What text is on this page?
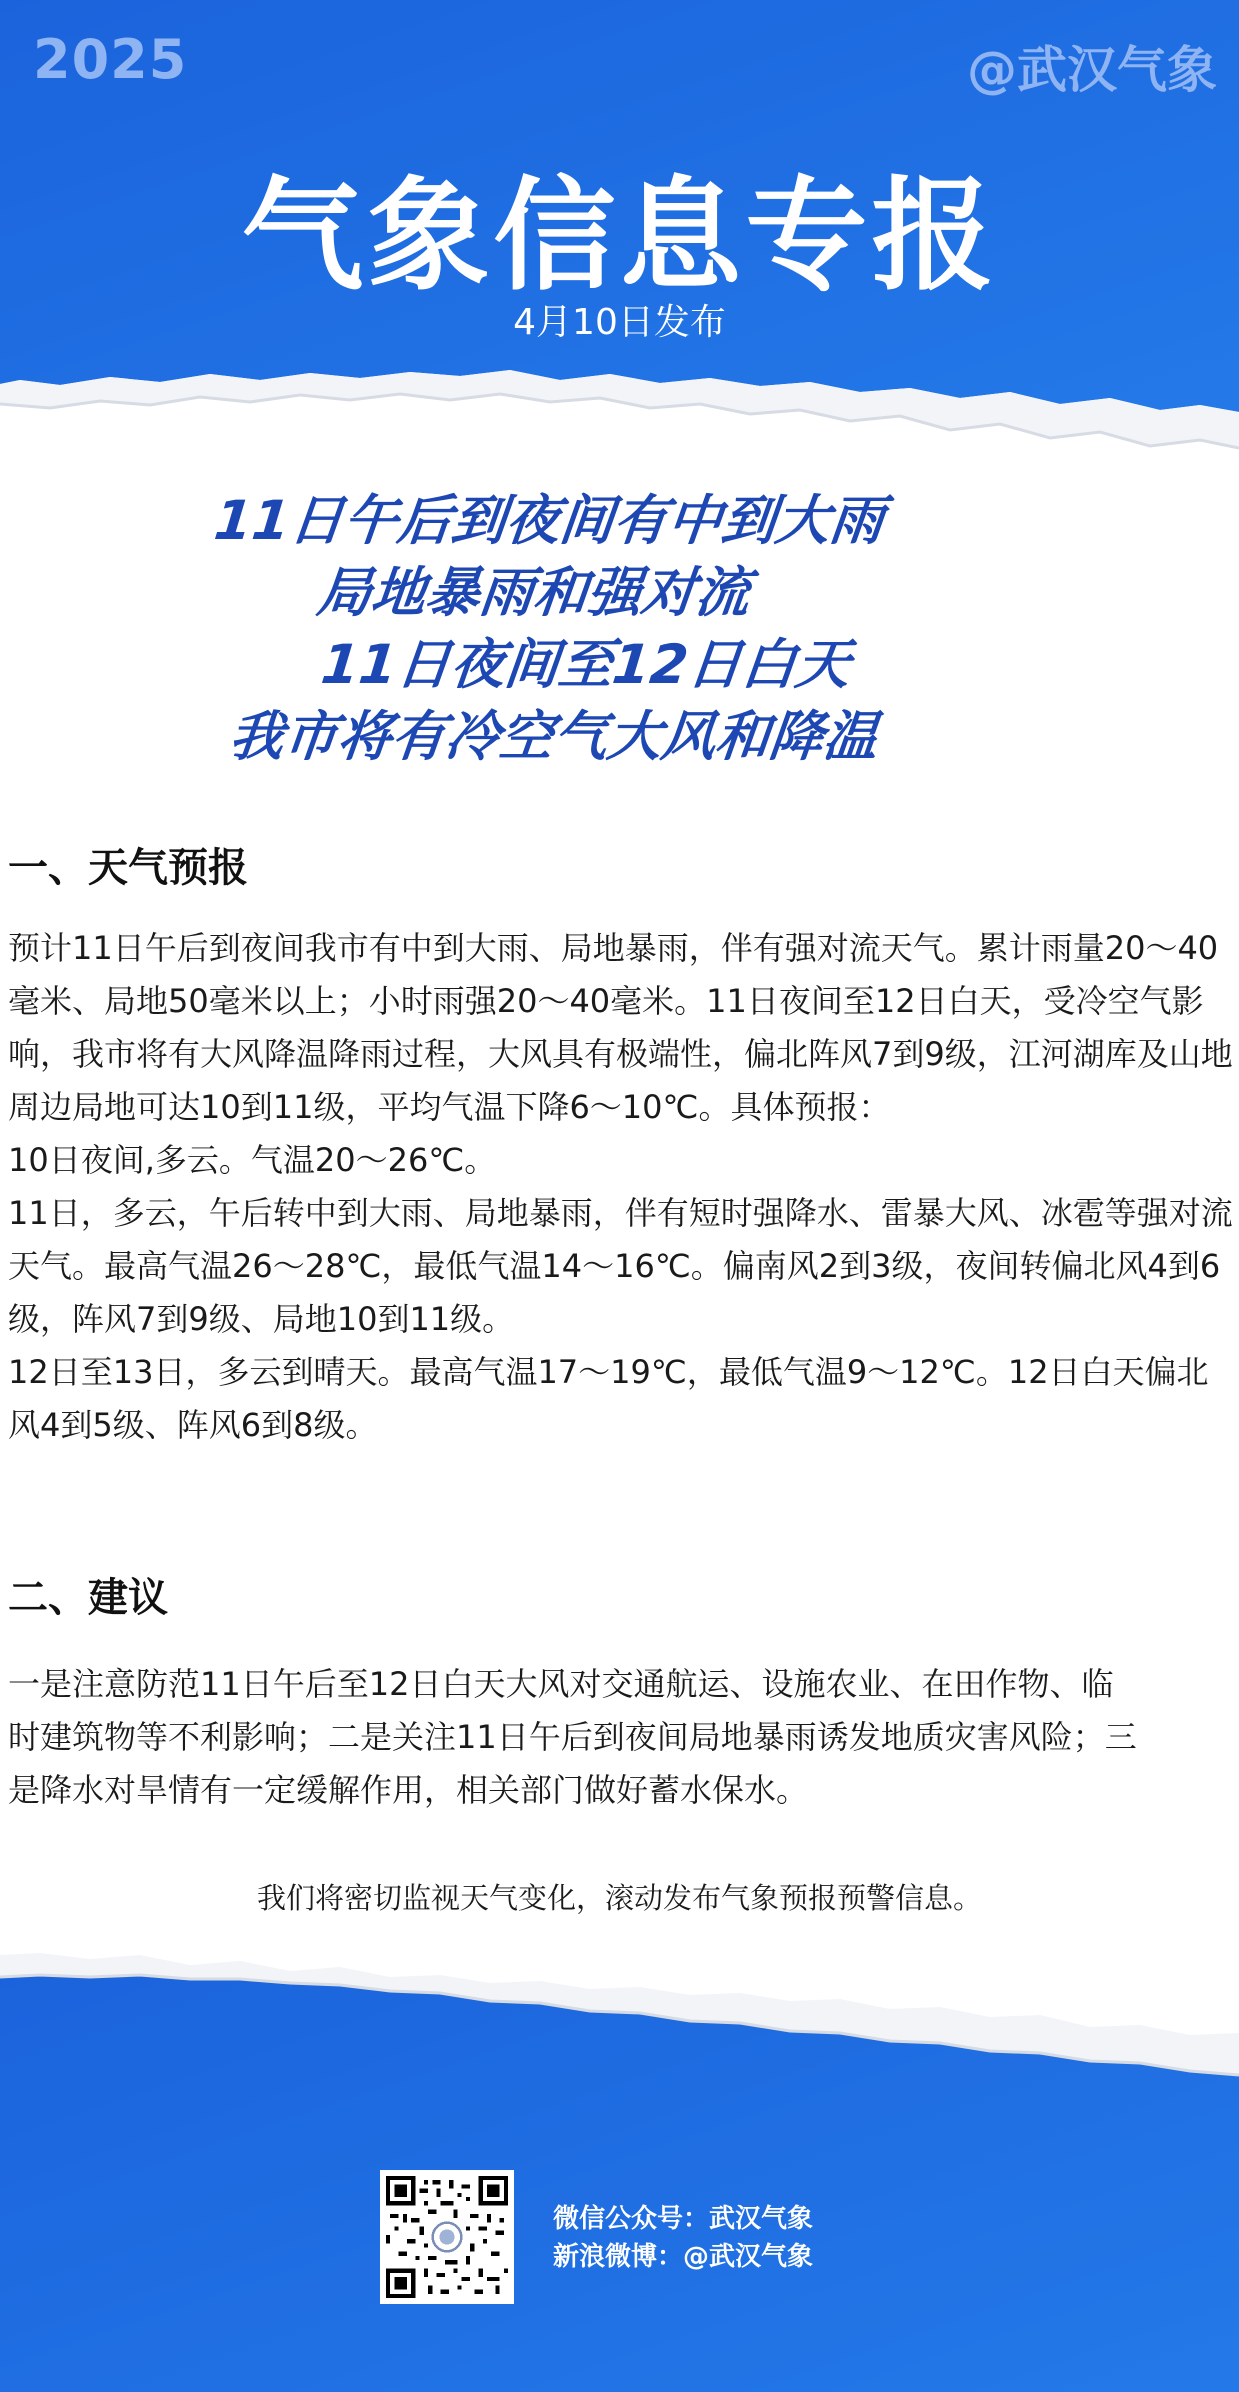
2025	@武汉气象
气象信息专报
4月10日发布
11日午后到夜间有中到大雨
局地暴雨和强对流
11日夜间至12日白天
我市将有冷空气大风和降温
一、天气预报

预计11日午后到夜间我市有中到大雨、局地暴雨，伴有强对流天气。累计雨量20～40毫米、局地50毫米以上；小时雨强20～40毫米。11日夜间至12日白天，受冷空气影响，我市将有大风降温降雨过程，大风具有极端性，偏北阵风7到9级，江河湖库及山地周边局地可达10到11级，平均气温下降6～10℃。具体预报：

10日夜间,多云。气温20～26℃。

11日，多云，午后转中到大雨、局地暴雨，伴有短时强降水、雷暴大风、冰雹等强对流天气。最高气温26～28℃，最低气温14～16℃。偏南风2到3级，夜间转偏北风4到6级，阵风7到9级、局地10到11级。

12日至13日，多云到晴天。最高气温17～19℃，最低气温9～12℃。12日白天偏北风4到5级、阵风6到8级。

二、建议

一是注意防范11日午后至12日白天大风对交通航运、设施农业、在田作物、临时建筑物等不利影响；二是关注11日午后到夜间局地暴雨诱发地质灾害风险；三是降水对旱情有一定缓解作用，相关部门做好蓄水保水。

我们将密切监视天气变化，滚动发布气象预报预警信息。
微信公众号：武汉气象
新浪微博：@武汉气象
